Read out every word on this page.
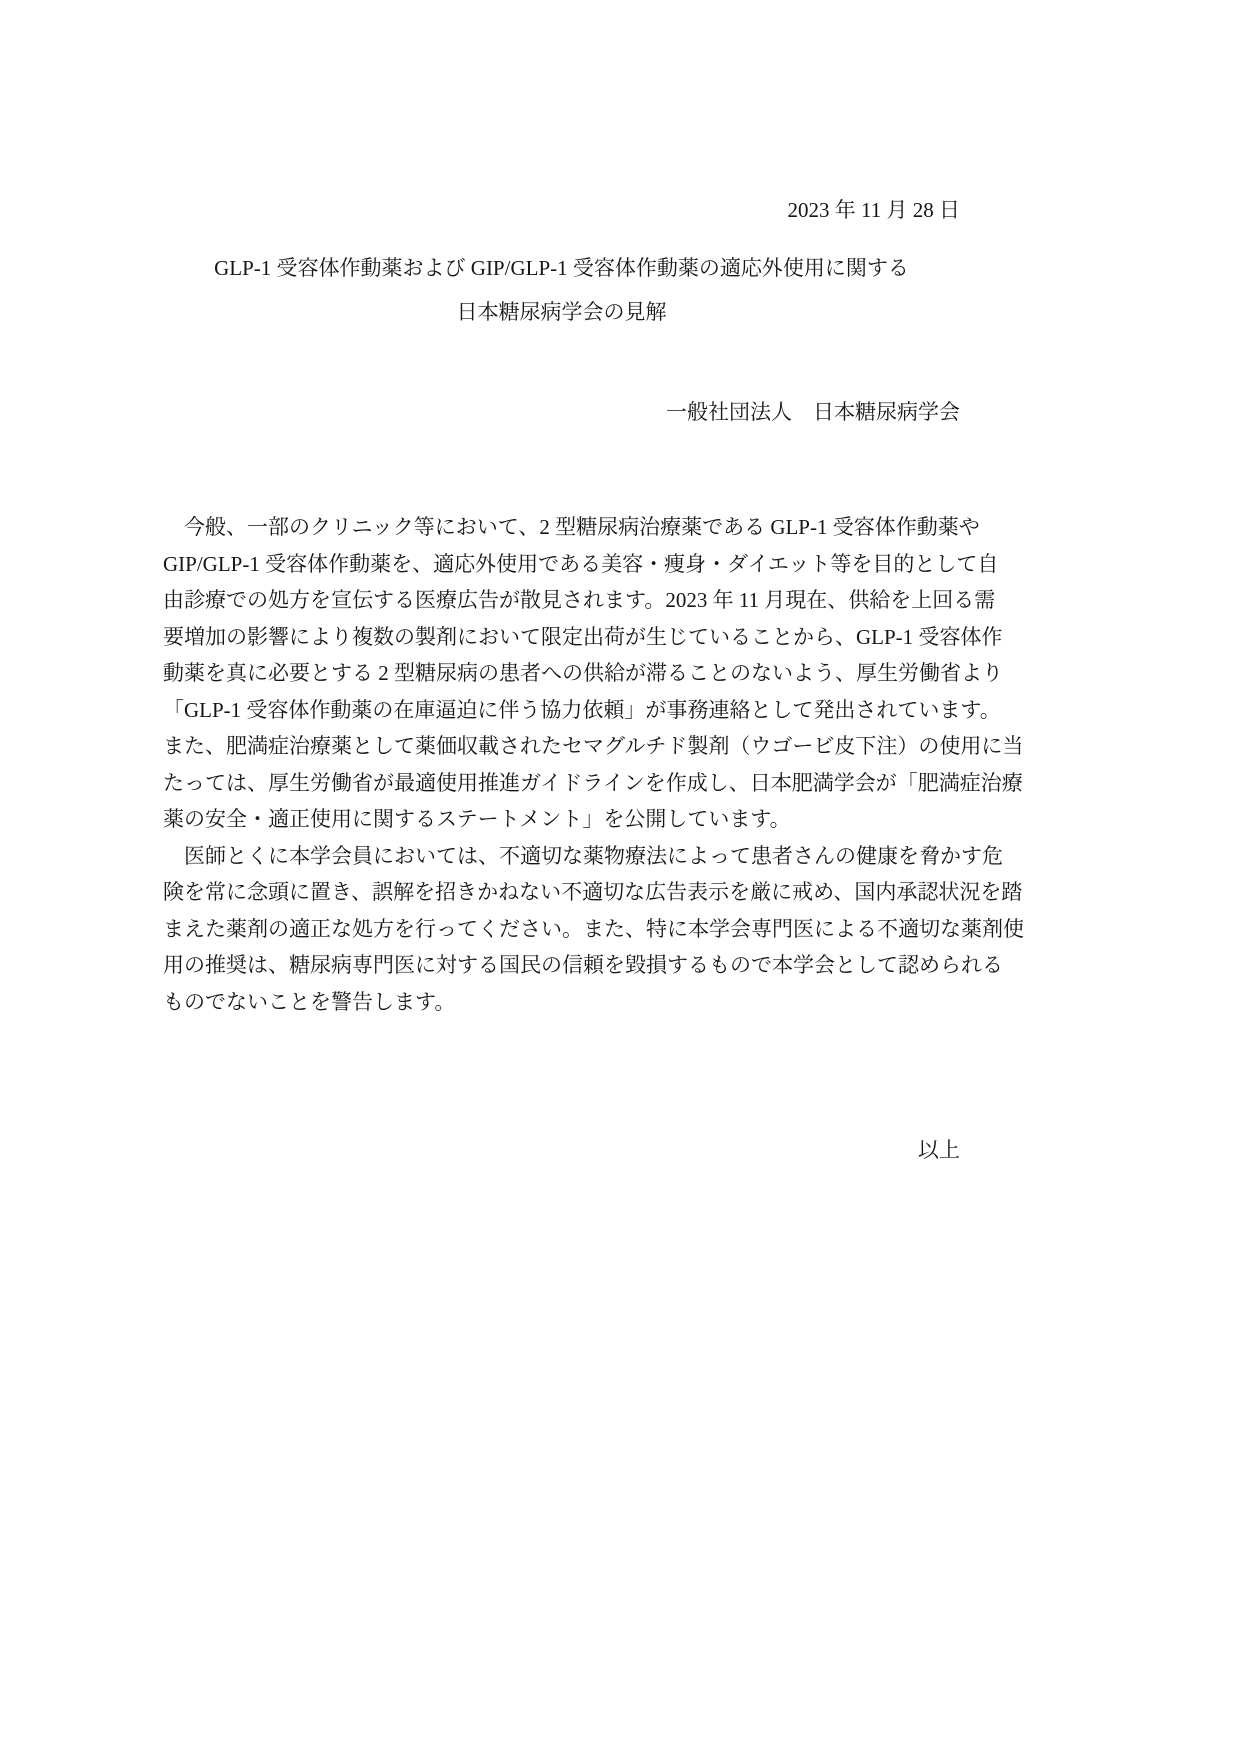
2023 年 11 月 28 日
GLP-1 受容体作動薬および GIP/GLP-1 受容体作動薬の適応外使用に関する
日本糖尿病学会の見解
一般社団法人　日本糖尿病学会
　今般、一部のクリニック等において、2 型糖尿病治療薬である GLP-1 受容体作動薬や
GIP/GLP-1 受容体作動薬を、適応外使用である美容・痩身・ダイエット等を目的として自
由診療での処方を宣伝する医療広告が散見されます。2023 年 11 月現在、供給を上回る需
要増加の影響により複数の製剤において限定出荷が生じていることから、GLP-1 受容体作
動薬を真に必要とする 2 型糖尿病の患者への供給が滞ることのないよう、厚生労働省より
「GLP-1 受容体作動薬の在庫逼迫に伴う協力依頼」が事務連絡として発出されています。
また、肥満症治療薬として薬価収載されたセマグルチド製剤（ウゴービ皮下注）の使用に当
たっては、厚生労働省が最適使用推進ガイドラインを作成し、日本肥満学会が「肥満症治療
薬の安全・適正使用に関するステートメント」を公開しています。
　医師とくに本学会員においては、不適切な薬物療法によって患者さんの健康を脅かす危
険を常に念頭に置き、誤解を招きかねない不適切な広告表示を厳に戒め、国内承認状況を踏
まえた薬剤の適正な処方を行ってください。また、特に本学会専門医による不適切な薬剤使
用の推奨は、糖尿病専門医に対する国民の信頼を毀損するもので本学会として認められる
ものでないことを警告します。
以上
